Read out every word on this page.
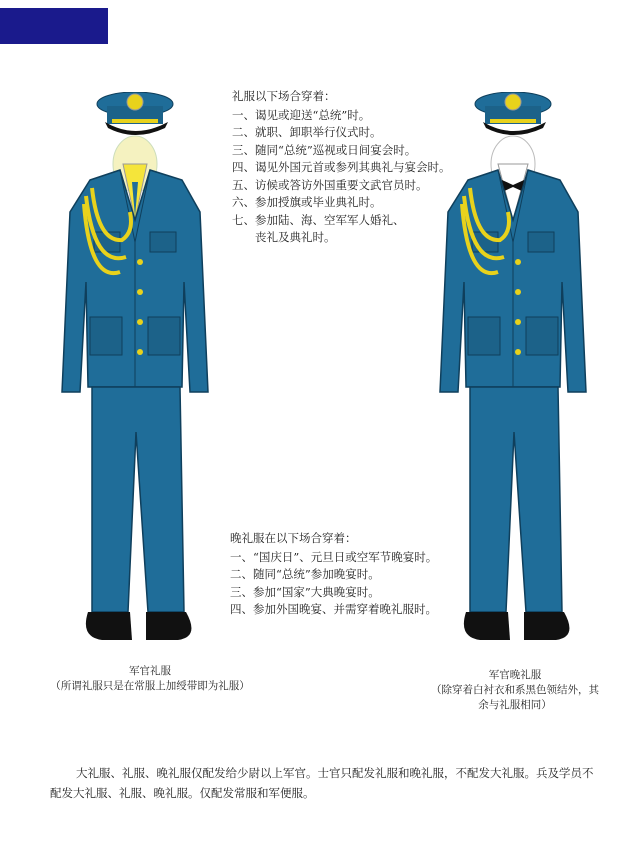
礼服以下场合穿着：
一、谒见或迎送“总统”时。
二、就职、卸职举行仪式时。
三、随同“总统”巡视或日间宴会时。
四、谒见外国元首或参列其典礼与宴会时。
五、访候或答访外国重要文武官员时。
六、参加授旗或毕业典礼时。
七、参加陆、海、空军军人婚礼、
　　丧礼及典礼时。
晚礼服在以下场合穿着：
一、“国庆日”、元旦日或空军节晚宴时。
二、随同“总统”参加晚宴时。
三、参加“国家”大典晚宴时。
四、参加外国晚宴、并需穿着晚礼服时。
军官礼服
（所谓礼服只是在常服上加绶带即为礼服）
军官晚礼服
（除穿着白衬衣和系黑色领结外，其
余与礼服相同）
大礼服、礼服、晚礼服仅配发给少尉以上军官。士官只配发礼服和晚礼服，不配发大礼服。兵及学员不配发大礼服、礼服、晚礼服。仅配发常服和军便服。
